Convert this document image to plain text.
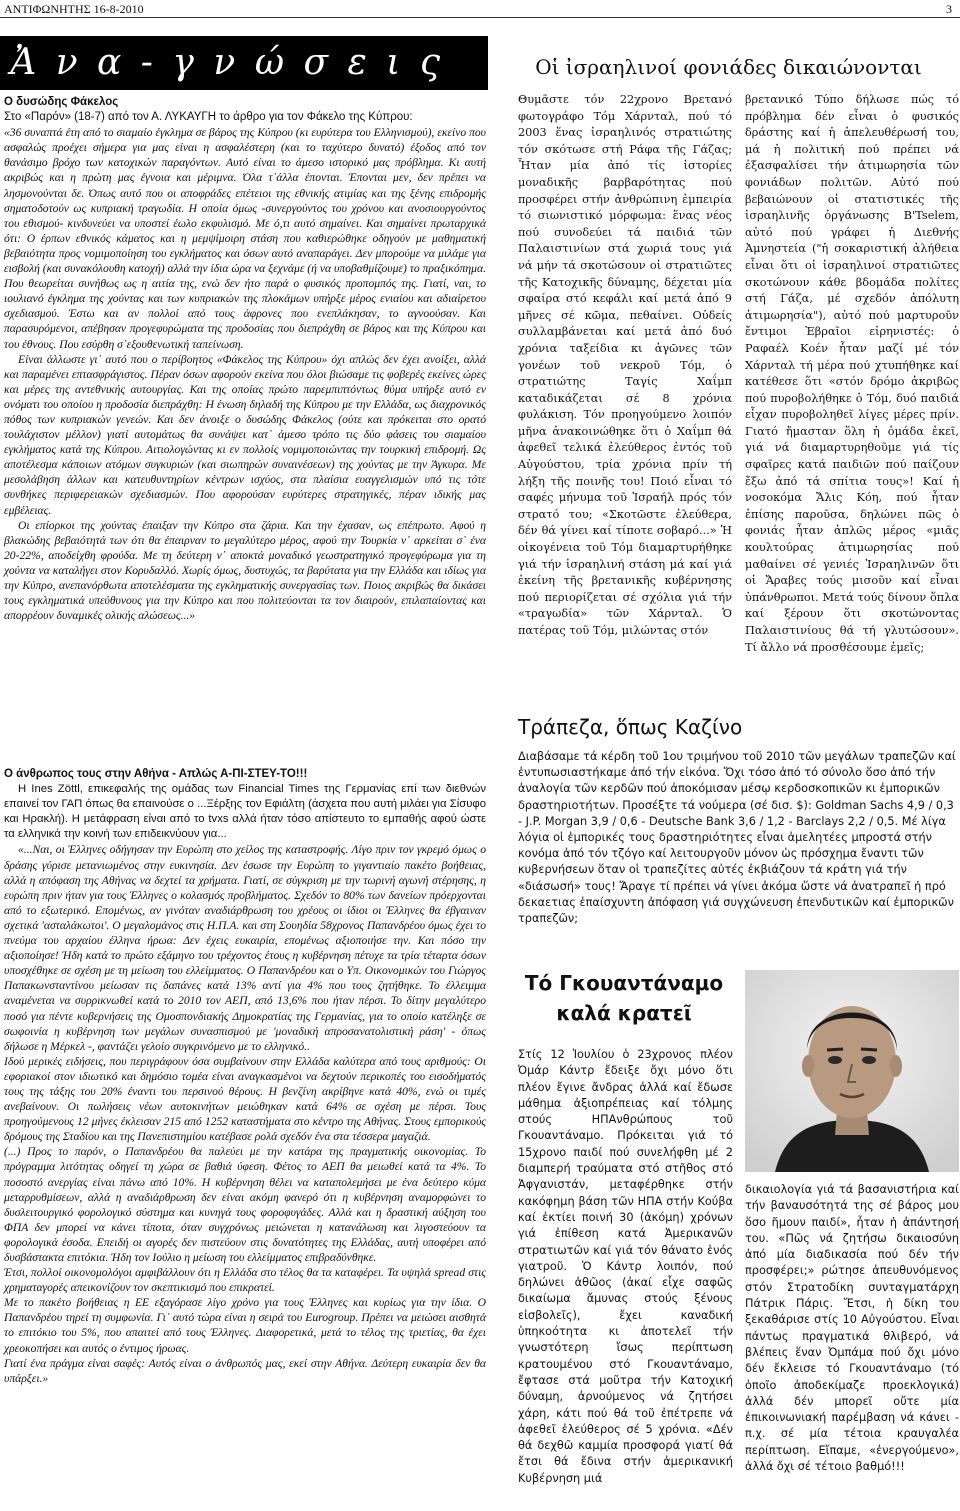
ΑΝΤΙΦΩΝΗΤΗΣ 16-8-2010	3
Ἀ ν α - γ ν ώ σ ε ι ς

Ο δυσώδης Φάκελος

Στο «Παρόν» (18-7) από τον Α. ΛΥΚΑΥΓΗ το άρθρο για τον Φάκελο της Κύπρου:

«36 συναπτά έτη από το σιαμαίο έγκλημα σε βάρος της Κύπρου (κι ευρύτερα του Ελληνισμού), εκείνο που ασφαλώς προέχει σήμερα για μας είναι η ασφαλέστερη (και το ταχύτερο δυνατό) έξοδος από τον θανάσιμο βρόχο των κατοχικών παραγόντων. Αυτό είναι το άμεσο ιστορικό μας πρόβλημα. Κι αυτή ακριβώς και η πρώτη μας έγνοια και μέριμνα. Όλα τ᾽άλλα έπονται. Έπονται μεν, δεν πρέπει να λησμονούνται δε. Όπως αυτό που οι αποφράδες επέτειοι της εθνικής ατιμίας και της ξένης επιδρομής σηματοδοτούν ως κυπριακή τραγωδία. Η οποία όμως -συνεργούντος του χρόνου και ανοσιουργούντος του εθισμού- κινδυνεύει να υποστεί έωλο εκφυλισμό. Με ό,τι αυτό σημαίνει. Και σημαίνει πρωταρχικά ότι: Ο έρπων εθνικός κάματος και η μεμψίμοιρη στάση που καθιερώθηκε οδηγούν με μαθηματική βεβαιότητα προς νομιμοποίηση του εγκλήματος και όσων αυτό αναπαράγει. Δεν μπορούμε να μιλάμε για εισβολή (και συνακόλουθη κατοχή) αλλά την ίδια ώρα να ξεχνάμε (ή να υποβαθμίζουμε) το πραξικόπημα. Που θεωρείται συνήθως ως η αιτία της, ενώ δεν ήτο παρά ο φυσικός προπομπός της. Γιατί, ναι, το ιουλιανό έγκλημα της χούντας και των κυπριακών της πλοκάμων υπήρξε μέρος ενιαίου και αδιαίρετου σχεδιασμού. Έστω και αν πολλοί από τους άφρονες που ενεπλάκησαν, το αγνοούσαν. Και παρασυρόμενοι, απέβησαν προγεφυρώματα της προδοσίας που διεπράχθη σε βάρος και της Κύπρου και του έθνους. Που εσύρθη σ᾽εξουθενωτική ταπείνωση.

Είναι άλλωστε γι᾽ αυτό που ο περίβοητος «Φάκελος της Κύπρου» όχι απλώς δεν έχει ανοίξει, αλλά και παραμένει επτασφράγιστος. Πέραν όσων αφορούν εκείνα που όλοι βιώσαμε τις φοβερές εκείνες ώρες και μέρες της αντεθνικής αυτουργίας. Και της οποίας πρώτο παρεμπιπτόντως θύμα υπήρξε αυτό εν ονόματι του οποίου η προδοσία διεπράχθη: Η ένωση δηλαδή της Κύπρου με την Ελλάδα, ως διαχρονικός πόθος των κυπριακών γενεών. Και δεν άνοιξε ο δυσώδης Φάκελος (ούτε και πρόκειται στο ορατό τουλάχιστον μέλλον) γιατί αυτομάτως θα συνάψει κατ᾽ άμεσο τρόπο τις δύο φάσεις του σιαμαίου εγκλήματος κατά της Κύπρου. Αιτιολογώντας κι εν πολλοίς νομιμοποιώντας την τουρκική επιδρομή. Ως αποτέλεσμα κάποιων ατόμων συγκυριών (και σιωπηρών συναινέσεων) της χούντας με την Άγκυρα. Με μεσολάβηση άλλων και κατευθυντηρίων κέντρων ισχύος, στα πλαίσια ευαγγελισμών υπό τις τότε συνθήκες περιφερειακών σχεδιασμών. Που αφορούσαν ευρύτερες στρατηγικές, πέραν ιδικής μας εμβέλειας.

Οι επίορκοι της χούντας έπαιξαν την Κύπρο στα ζάρια. Και την έχασαν, ως επέπρωτο. Αφού η βλακώδης βεβαιότητά των ότι θα έπαιρναν το μεγαλύτερο μέρος, αφού την Τουρκία ν᾽ αρκείται σ᾽ ένα 20-22%, αποδείχθη φρούδα. Με τη δεύτερη ν᾽ αποκτά μοναδικό γεωστρατηγικό προγεφύρωμα για τη χούντα να καταλήγει στον Κορυδαλλό. Χωρίς όμως, δυστυχώς, τα βαρύτατα για την Ελλάδα και ιδίως για την Κύπρο, ανεπανόρθωτα αποτελέσματα της εγκληματικής συνεργασίας των. Ποιος ακριβώς θα δικάσει τους εγκληματικά υπεύθυνους για την Κύπρο και που πολιτεύονται τα τον διαιρούν, επιλαπαίοντας και απορρέουν δυναμικές ολικής αλώσεως...»

Ο άνθρωπος τους στην Αθήνα - Απλώς Α-ΠΙ-ΣΤΕΥ-ΤΟ!!!

Η Ines Zöttl, επικεφαλής της ομάδας των Financial Times της Γερμανίας επί των διεθνών επαινεί τον ΓΑΠ όπως θα επαινούσε ο ...Ξέρξης τον Εφιάλτη (άσχετα που αυτή μιλάει για Σίσυφο και Ηρακλή). Η μετάφραση είναι από το tvxs αλλά ήταν τόσο απίστευτο το εμπαθής αφού ώστε τα ελληνικά την κοινή των επιδεικνύουν για...

«...Ναι, οι Έλληνες οδήγησαν την Ευρώπη στο χείλος της καταστροφής. Λίγο πριν τον γκρεμό όμως ο δράσης γύρισε μετανιωμένος στην ευκινησία. Δεν έσωσε την Ευρώπη το γιγαντιαίο πακέτο βοήθειας, αλλά η απόφαση της Αθήνας να δεχτεί τα χρήματα. Γιατί, σε σύγκριση με την τωρινή αγωνή στέρησης, η ευρώπη πριν ήταν για τους Έλληνες ο κολασμός προβλήματος. Σχεδόν το 80% των δανείων πρόερχονται από το εξωτερικό. Επομένως, αν γινόταν αναδιάρθρωση του χρέους οι ίδιοι οι Έλληνες θα έβγαιναν σχετικά 'ασταλάκωτοι'. Ο μεγαλομάνος στις Η.Π.Α. και στη Σουηδία 58χρονος Παπανδρέου όμως έχει το πνεύμα του αρχαίου έλληνα ήρωα: Δεν έχεις ευκαιρία, επομένως αξιοποιήσε την. Και πόσο την αξιοποίησε! Ήδη κατά το πρώτο εξάμηνο του τρέχοντος έτους η κυβέρνηση πέτυχε τα τρία τέταρτα όσων υποσχέθηκε σε σχέση με τη μείωση του ελλείμματος. Ο Παπανδρέου και ο Υπ. Οικονομικών του Γιώργος Παπακωνσταντίνου μείωσαν τις δαπάνες κατά 13% αντί για 4% που τους ζητήθηκε. Το έλλειμμα αναμένεται να συρρικνωθεί κατά το 2010 τον ΑΕΠ, από 13,6% που ήταν πέρσι. Το δίτην μεγαλύτερο ποσό για πέντε κυβερνήσεις της Ομοσπονδιακής Δημοκρατίας της Γερμανίας, για το οποίο κατέληξε σε σωφοινία η κυβέρνηση των μεγάλων συνασπισμού με 'μοναδική απροσανατολιστική ράση' - όπως δήλωσε η Μέρκελ -, φαντάζει γελοίο συγκρινόμενο με το ελληνικό..

Ιδού μερικές ειδήσεις, που περιγράφουν όσα συμβαίνουν στην Ελλάδα καλύτερα από τους αριθμούς: Οι εφοριακοί στον ιδιωτικό και δημόσιο τομέα είναι αναγκασμένοι να δεχτούν περικοπές του εισοδήματός τους της τάξης του 20% έναντι του περσινού θέρους. Η βενζίνη ακρίβηνε κατά 40%, ενώ οι τιμές ανεβαίνουν. Οι πωλήσεις νέων αυτοκινήτων μειώθηκαν κατά 64% σε σχέση με πέρσι. Τους προηγούμενους 12 μήνες έκλεισαν 215 από 1252 καταστήματα στο κέντρο της Αθήνας. Στους εμπορικούς δρόμους της Σταδίου και της Πανεπιστημίου κατέβασε ρολά σχεδόν ένα στα τέσσερα μαγαζιά.

(...) Προς το παρόν, ο Παπανδρέου θα παλεύει με την κατάρα της πραγματικής οικονομίας. Το πρόγραμμα λιτότητας οδηγεί τη χώρα σε βαθιά ύφεση. Φέτος το ΑΕΠ θα μειωθεί κατά τα 4%. Το ποσοστό ανεργίας είναι πάνω από 10%. Η κυβέρνηση θέλει να καταπολεμήσει με ένα δεύτερο κύμα μεταρρυθμίσεων, αλλά η αναδιάρθρωση δεν είναι ακόμη φανερό ότι η κυβέρνηση αναμορφώνει το δυσλειτουργικό φορολογικό σύστημα και κυνηγά τους φοροφυγάδες. Αλλά και η δραστική αύξηση του ΦΠΑ δεν μπορεί να κάνει τίποτα, όταν συγχρόνως μειώνεται η κατανάλωση και λιγοστεύουν τα φορολογικά έσοδα. Επειδή οι αγορές δεν πιστεύουν στις δυνατότητες της Ελλάδας, αυτή υποφέρει από δυσβάστακτα επιτόκια. Ήδη τον Ιούλιο η μείωση του ελλείμματος επιβραδύνθηκε.

Έτσι, πολλοί οικονομολόγοι αμφιβάλλουν ότι η Ελλάδα στο τέλος θα τα καταφέρει. Τα υψηλά spread στις χρηματαγορές απεικονίζουν τον σκεπτικισμό που επικρατεί.

Με το πακέτο βοήθειας η ΕΕ εξαγόρασε λίγο χρόνο για τους Έλληνες και κυρίως για την ίδια. Ο Παπανδρέου τηρεί τη συμφωνία. Γι᾽ αυτό τώρα είναι η σειρά του Eurogroup. Πρέπει να μειώσει αισθητά το επιτόκιο του 5%, που απαιτεί από τους Έλληνες. Διαφορετικά, μετά το τέλος της τριετίας, θα έχει χρεοκοπήσει και αυτός ο έντιμος ήρωας.

Γιατί ένα πράγμα είναι σαφές: Αυτός είναι ο άνθρωπός μας, εκεί στην Αθήνα. Δεύτερη ευκαιρία δεν θα υπάρξει.»

Οἱ ἰσραηλινοί φονιάδες δικαιώνονται

Θυμᾶστε τόν 22χρονο Βρετανό φωτογράφο Τόμ Χάρνταλ, πού τό 2003 ἕνας ἰσραηλινός στρατιώτης τόν σκότωσε στή Ράφα τῆς Γάζας; Ἦταν μία ἀπό τίς ἱστορίες μοναδικῆς βαρβαρότητας πού προσφέρει στήν ἀνθρώπινη ἐμπειρία τό σιωνιστικό μόρφωμα: ἕνας νέος πού συνοδεύει τά παιδιά τῶν Παλαιστινίων στά χωριά τους γιά νά μήν τά σκοτώσουν οἱ στρατιῶτες τῆς Κατοχικῆς δύναμης, δέχεται μία σφαίρα στό κεφάλι καί μετά ἀπό 9 μῆνες σέ κῶμα, πεθαίνει. Οὐδείς συλλαμβάνεται καί μετά ἀπό δυό χρόνια ταξείδια κι ἀγῶνες τῶν γονέων τοῦ νεκροῦ Τόμ, ὁ στρατιώτης Ταγίς Χαΐμπ καταδικάζεται σέ 8 χρόνια φυλάκιση. Τόν προηγούμενο λοιπόν μῆνα ἀνακοινώθηκε ὅτι ὁ Χαΐμπ θά ἀφεθεῖ τελικά ἐλεύθερος ἐντός τοῦ Αὐγούστου, τρία χρόνια πρίν τή λήξη τῆς ποινῆς του! Ποιό εἶναι τό σαφές μήνυμα τοῦ Ἰσραήλ πρός τόν στρατό του; «Σκοτῶστε ἐλεύθερα, δέν θά γίνει καί τίποτε σοβαρό...» Ἡ οἰκογένεια τοῦ Τόμ διαμαρτυρήθηκε γιά τήν ἰσραηλινή στάση μά καί γιά ἐκείνη τῆς βρετανικῆς κυβέρνησης πού περιορίζεται σέ σχόλια γιά τήν «τραγωδία» τῶν Χάρνταλ. Ὁ πατέρας τοῦ Τόμ, μιλώντας στόν

βρετανικό Τύπο δήλωσε πώς τό πρόβλημα δέν εἶναι ὁ φυσικός δράστης καί ἡ ἀπελευθέρωσή του, μά ἡ πολιτική πού πρέπει νά ἐξασφαλίσει τήν ἀτιμωρησία τῶν φονιάδων πολιτῶν. Αὐτό πού βεβαιώνουν οἱ στατιστικές τῆς ἰσραηλινῆς ὀργάνωσης B'Tselem, αὐτό πού γράφει ἡ Διεθνής Ἀμνηστεία ("ἡ σοκαριστική ἀλήθεια εἶναι ὅτι οἱ ἰσραηλινοί στρατιῶτες σκοτώνουν κάθε βδομάδα πολίτες στή Γάζα, μέ σχεδόν ἀπόλυτη ἀτιμωρησία"), αὐτό πού μαρτυροῦν ἔντιμοι Ἑβραῖοι εἰρηνιστές: ὁ Ραφαέλ Κοέν ἦταν μαζί μέ τόν Χάρνταλ τή μέρα πού χτυπήθηκε καί κατέθεσε ὅτι «στόν δρόμο ἀκριβῶς πού πυροβολήθηκε ὁ Τόμ, δυό παιδιά εἶχαν πυροβοληθεῖ λίγες μέρες πρίν. Γιατό ἤμασταν ὅλη ἡ ὁμάδα ἐκεῖ, γιά νά διαμαρτυρηθοῦμε γιά τίς σφαῖρες κατά παιδιῶν πού παίζουν ἔξω ἀπό τά σπίτια τους»! Καί ἡ νοσοκόμα Ἄλις Κόη, πού ἦταν ἐπίσης παροῦσα, δηλώνει πῶς ὁ φονιάς ἦταν ἁπλῶς μέρος «μιᾶς κουλτούρας ἀτιμωρησίας πού μαθαίνει σέ γενιές Ἰσραηλινῶν ὅτι οἱ Ἄραβες τούς μισοῦν καί εἶναι ὑπάνθρωποι. Μετά τούς δίνουν ὅπλα καί ξέρουν ὅτι σκοτώνοντας Παλαιστινίους θά τή γλυτώσουν». Τί ἄλλο νά προσθέσουμε ἐμεῖς;

Τράπεζα, ὅπως Καζίνο

Διαβάσαμε τά κέρδη τοῦ 1ου τριμήνου τοῦ 2010 τῶν μεγάλων τραπεζῶν καί ἐντυπωσιαστήκαμε ἀπό τήν εἰκόνα. Ὄχι τόσο ἀπό τό σύνολο ὅσο ἀπό τήν ἀναλογία τῶν κερδῶν πού ἀποκόμισαν μέσῳ κερδοσκοπικῶν κι ἐμπορικῶν δραστηριοτήτων. Προσέξτε τά νούμερα (σέ δισ. $): Goldman Sachs 4,9 / 0,3 - J.P. Morgan 3,9 / 0,6 - Deutsche Bank 3,6 / 1,2 - Barclays 2,2 / 0,5. Μέ λίγα λόγια οἱ ἐμπορικές τους δραστηριότητες εἶναι ἀμελητέες μπροστά στήν κονόμα ἀπό τόν τζόγο καί λειτουργοῦν μόνον ὡς πρόσχημα ἔναντι τῶν κυβερνήσεων ὅταν οἱ τραπεζίτες αὐτές ἐκβιάζουν τά κράτη γιά τήν «διάσωσή» τους! Ἄραγε τί πρέπει νά γίνει ἀκόμα ὥστε νά ἀνατραπεῖ ἡ πρό δεκαετιας ἐπαίσχυντη ἀπόφαση γιά συγχώνευση ἐπενδυτικῶν καί ἐμπορικῶν τραπεζῶν;

Τό Γκουαντάναμο καλά κρατεῖ

Στίς 12 Ἰουλίου ὁ 23χρονος πλέον Ὀμάρ Κάντρ ἔδειξε ὄχι μόνο ὅτι πλέον ἔγινε ἄνδρας ἀλλά καί ἔδωσε μάθημα ἀξιοπρέπειας καί τόλμης στούς ΗΠΑνθρώπους τοῦ Γκουαντάναμο. Πρόκειται γιά τό 15χρονο παιδί πού συνελήφθη μέ 2 διαμπερή τραύματα στό στῆθος στό Ἀφγανιστάν, μεταφέρθηκε στήν κακόφημη βάση τῶν ΗΠΑ στήν Κούβα καί ἐκτίει ποινή 30 (ἀκόμη) χρόνων γιά ἐπίθεση κατά Ἀμερικανῶν στρατιωτῶν καί γιά τόν θάνατο ἑνός γιατροῦ. Ὁ Κάντρ λοιπόν, πού δηλώνει ἀθῶος (ἀκαί εἶχε σαφῶς δικαίωμα ἄμυνας στούς ξένους εἰσβολεῖς), ἔχει καναδική ὑπηκοότητα κι ἀποτελεῖ τήν γνωστότερη ἴσως περίπτωση κρατουμένου στό Γκουαντάναμο, ἔφτασε στά μοῦτρα τήν Κατοχική δύναμη, ἀρνούμενος νά ζητήσει χάρη, κάτι πού θά τοῦ ἐπέτρεπε νά ἀφεθεῖ ἐλεύθερος σέ 5 χρόνια. «Δέν θά δεχθῶ καμμία προσφορά γιατί θά ἔτσι θά ἔδινα στήν ἀμερικανική Κυβέρνηση μιά

δικαιολογία γιά τά βασανιστήρια καί τήν βαναυσότητά της σέ βάρος μου ὅσο ἤμουν παιδί», ἦταν ἡ ἀπάντησή του. «Πῶς νά ζητήσω δικαιοσύνη ἀπό μία διαδικασία πού δέν τήν προσφέρει;» ρώτησε ἀπευθυνόμενος στόν Στρατοδίκη συνταγματάρχη Πάτρικ Πάρις. Ἔτσι, ἡ δίκη του ξεκαθάρισε στίς 10 Αὐγούστου. Εἶναι πάντως πραγματικά θλιβερό, νά βλέπεις ἕναν Ὀμπάμα πού ὄχι μόνο δέν ἔκλεισε τό Γκουαντάναμο (τό ὁποῖο ἀποδεκίμαζε προεκλογικά) ἀλλά δέν μπορεῖ οὔτε μία ἐπικοινωνιακή παρέμβαση νά κάνει - π.χ. σέ μία τέτοια κραυγαλέα περίπτωση. Εἴπαμε, «ἐνεργούμενο», ἀλλά ὄχι σέ τέτοιο βαθμό!!!
